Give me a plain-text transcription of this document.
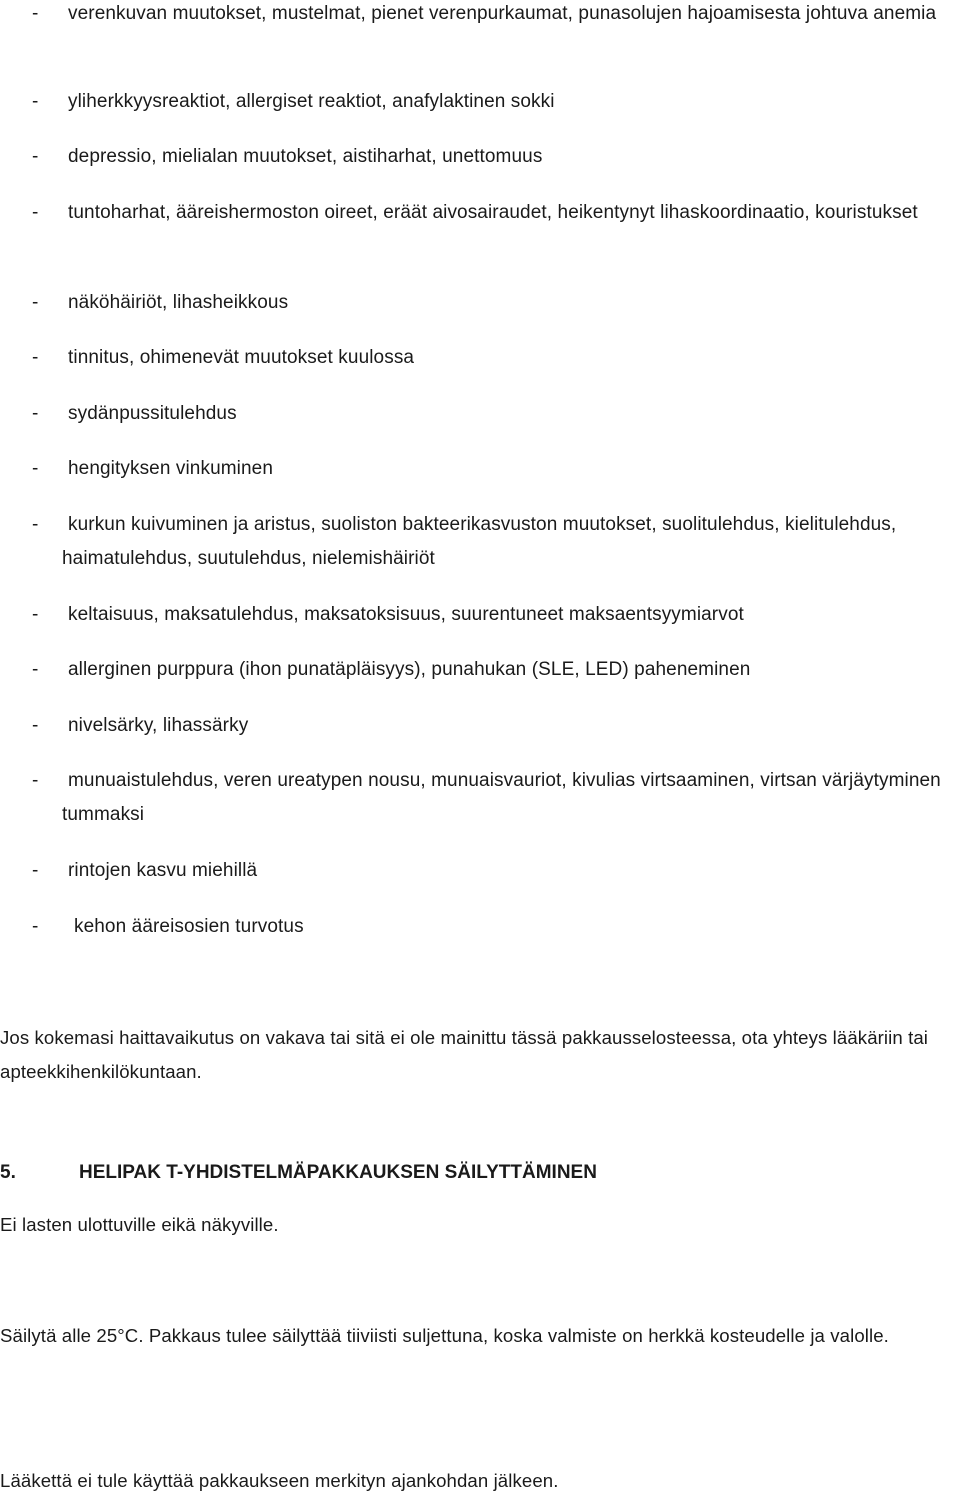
-	verenkuvan muutokset, mustelmat, pienet verenpurkaumat, punasolujen hajoamisesta johtuva anemia
-	yliherkkyysreaktiot, allergiset reaktiot, anafylaktinen sokki
-	depressio, mielialan muutokset, aistiharhat, unettomuus
-	tuntoharhat, ääreishermoston oireet, eräät aivosairaudet, heikentynyt lihaskoordinaatio, kouristukset
-	näköhäiriöt, lihasheikkous
-	tinnitus, ohimenevät muutokset kuulossa
-	sydänpussitulehdus
-	hengityksen vinkuminen
-	kurkun kuivuminen ja aristus, suoliston bakteerikasvuston muutokset, suolitulehdus, kielitulehdus, haimatulehdus, suutulehdus, nielemishäiriöt
-	keltaisuus, maksatulehdus, maksatoksisuus, suurentuneet maksaentsyymiarvot
-	allerginen purppura (ihon punatäpläisyys), punahukan (SLE, LED) paheneminen
-	nivelsärky, lihassärky
-	munuaistulehdus, veren ureatypen nousu, munuaisvauriot, kivulias virtsaaminen, virtsan värjäytyminen tummaksi
-	rintojen kasvu miehillä
-	kehon ääreisosien turvotus
Jos kokemasi haittavaikutus on vakava tai sitä ei ole mainittu tässä pakkausselosteessa, ota yhteys lääkäriin tai apteekkihenkilökuntaan.
5.	HELIPAK T-YHDISTELMÄPAKKAUKSEN SÄILYTTÄMINEN
Ei lasten ulottuville eikä näkyville.
Säilytä alle 25°C. Pakkaus tulee säilyttää tiiviisti suljettuna, koska valmiste on herkkä kosteudelle ja valolle.
Lääkettä ei tule käyttää pakkaukseen merkityn ajankohdan jälkeen.
